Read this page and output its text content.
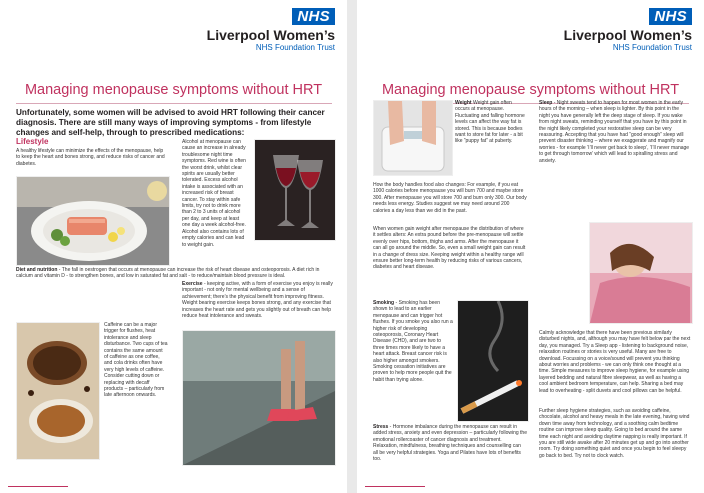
NHS
Liverpool Women’s
NHS Foundation Trust
Managing menopause symptoms without HRT
Unfortunately, some women will be advised to avoid HRT following their cancer diagnosis. There are still many ways of improving symptoms - from lifestyle changes and self-help, through to prescribed medications:
Lifestyle

A healthy lifestyle can minimize the effects of the menopause, help to keep the heart and bones strong, and reduce risks of cancer and diabetes.

Diet and nutrition - The fall in oestrogen that occurs at menopause can increase the risk of heart disease and osteoporosis. A diet rich in calcium and vitamin D - to strengthen bones, and low in saturated fat and salt - to reduce/maintain blood pressure is ideal.

Caffeine can be a major trigger for flushes, heat intolerance and sleep disturbance. Two cups of tea contains the same amount of caffeine as one coffee, and cola drinks often have very high levels of caffeine. Consider cutting down or replacing with decaff products – particularly from late afternoon onwards.

Alcohol at menopause can cause an increase in already troublesome night time symptoms. Red wine is often the worst drink, whilst clear spirits are usually better tolerated. Excess alcohol intake is associated with an increased risk of breast cancer. To stay within safe limits, try not to drink more than 2 to 3 units of alcohol per day, and keep at least one day a week alcohol-free. Alcohol also contains lots of empty calories and can lead to weight gain.

Exercise - keeping active, with a form of exercise you enjoy is really important - not only for mental wellbeing and a sense of achievement; there’s the physical benefit from improving fitness. Weight bearing exercise keeps bones strong, and any exercise that increases the heart rate and gets you slightly out of breath can help reduce heat intolerance and sweats.

NHS
Liverpool Women’s
NHS Foundation Trust
Managing menopause symptoms without HRT

Weight Weight gain often occurs at menopause. Fluctuating and falling hormone levels can affect the way fat is stored. This is because bodies want to store fat for later - a bit like “puppy fat” at puberty.

How the body handles food also changes: For example, if you eat 1000 calories before menopause you will burn 700 and maybe store 300. After menopause you will store 700 and burn only 300. Our body needs less energy. Studies suggest we may need around 200 calories a day less than we did in the past.

When women gain weight after menopause the distribution of where it settles alters: An extra pound before the pre-menopause will settle evenly over hips, bottom, thighs and arms. After the menopause it can all go around the middle. So, even a small weight gain can result in a change of dress size. Keeping weight within a healthy range will ensure better long-term health by reducing risks of various cancers, diabetes and heart disease.

Smoking - Smoking has been shown to lead to an earlier menopause and can trigger hot flushes. If you smoke you also run a higher risk of developing osteoporosis, Coronary Heart Disease (CHD), and are two to three times more likely to have a heart attack. Breast cancer risk is also higher amongst smokers. Smoking cessation initiatives are proven to help more people quit the habit than trying alone.

Stress - Hormone imbalance during the menopause can result in added stress, anxiety and even depression – particularly following the emotional rollercoaster of cancer diagnosis and treatment. Relaxation, mindfulness, breathing techniques and counselling can all be very helpful strategies. Yoga and Pilates have lots of benefits too.

Sleep - Night sweats tend to happen for most women in the early hours of the morning – when sleep is lighter. By this point in the night you have generally left the deep stage of sleep. If you wake from night sweats, reminding yourself that you have by this point in the night likely completed your restorative sleep can be very reassuring. Accepting that you have had “good enough” sleep will prevent disaster thinking – where we exaggerate and magnify our worries - for example ‘I’ll never get back to sleep’, ‘I’ll never manage to get through tomorrow’ which will lead to spiralling stress and anxiety.

Calmly acknowledge that there have been previous similarly disturbed nights, and, although you may have felt below par the next day, you managed. Try a Sleep app - listening to background noise, relaxation routines or stories is very useful. Many are free to download. Focussing on a voice/sound will prevent you thinking about worries and problems - we can only think one thought at a time. Simple measures to improve sleep hygiene, for example using layered bedding and natural fibre sleepwear, as well as having a cool ambient bedroom temperature, can help. Sharing a bed may lead to overheating - split duvets and cool pillows can be helpful.

Further sleep hygiene strategies, such as avoiding caffeine, chocolate, alcohol and heavy meals in the late evening, having wind down time away from technology, and a soothing calm bedtime routine can improve sleep quality. Going to bed around the same time each night and avoiding daytime napping is really important. If you are still wide awake after 20 minutes get up and go into another room. Try doing something quiet and once you begin to feel sleepy go back to bed. Try not to clock watch.
